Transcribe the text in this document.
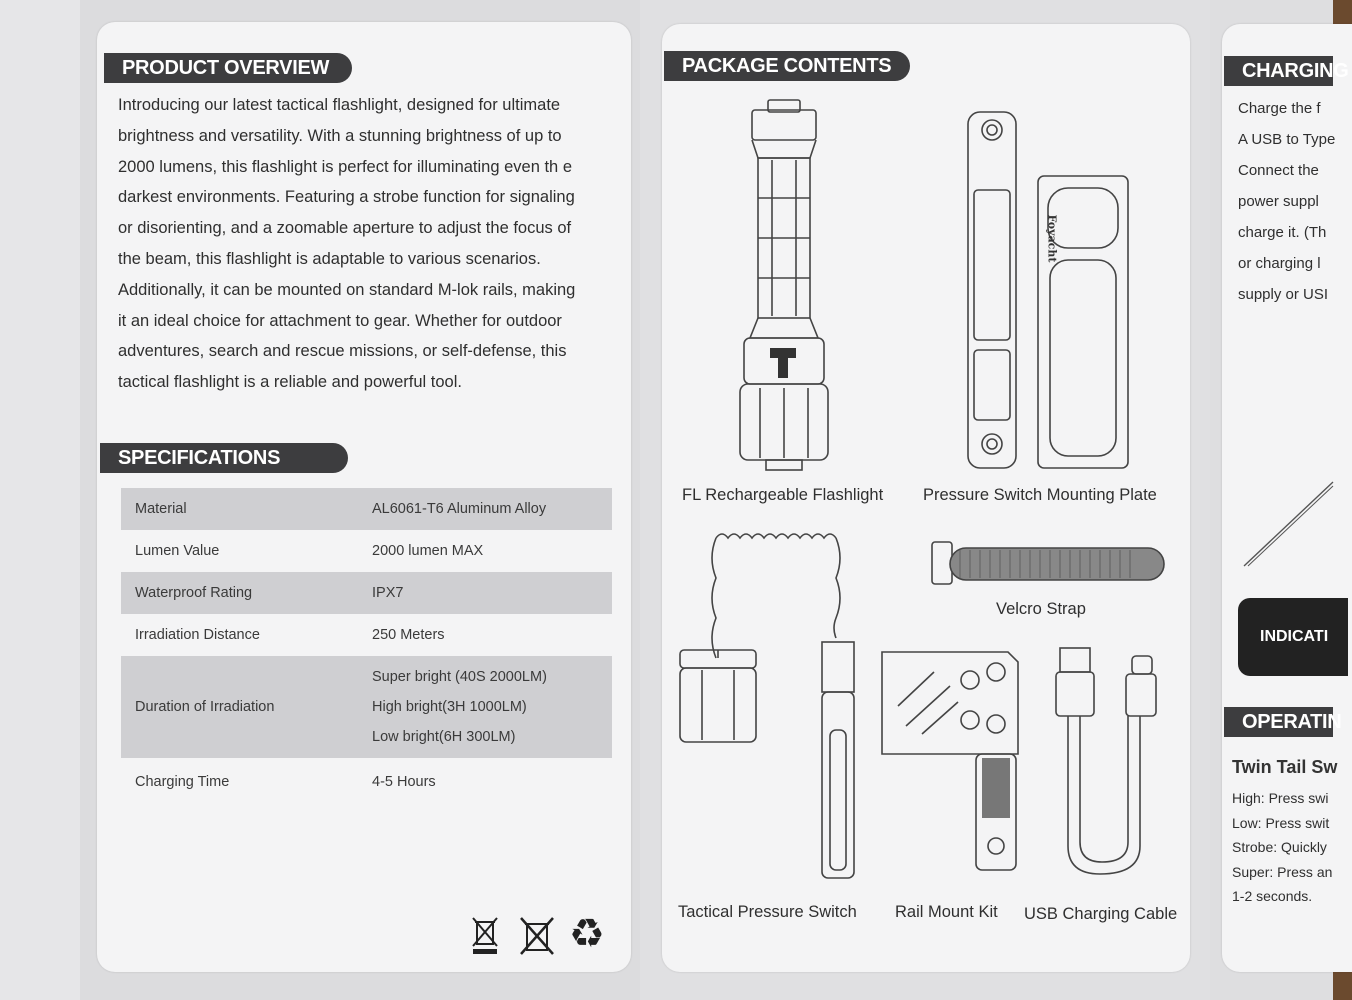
PRODUCT OVERVIEW
Introducing our latest tactical flashlight, designed for ultimate
brightness and versatility. With a stunning brightness of up to
2000 lumens, this flashlight is perfect for illuminating even th e
darkest environments. Featuring a strobe function for signaling
or disorienting, and a zoomable aperture to adjust the focus of
the beam, this flashlight is adaptable to various scenarios.
Additionally, it can be mounted on standard M-lok rails, making
it an ideal choice for attachment to gear. Whether for outdoor
adventures, search and rescue missions, or self-defense, this
tactical flashlight is a reliable and powerful tool.
SPECIFICATIONS
Material	AL6061-T6 Aluminum Alloy
Lumen Value	2000 lumen MAX
Waterproof Rating	IPX7
Irradiation Distance	250 Meters
Duration of Irradiation	Super bright (40S 2000LM)
High bright(3H 1000LM)
Low bright(6H 300LM)

Charging Time	4-5 Hours
♻
PACKAGE CONTENTS
Foyacht
FL Rechargeable Flashlight Pressure Switch Mounting Plate
Velcro Strap
Tactical Pressure Switch Rail Mount Kit USB Charging Cable
CHARGING
Charge the f
A USB to Type
Connect the
power suppl
charge it. (Th
or charging l
supply or USI
INDICATI
OPERATIN
Twin Tail Sw
High: Press swi
Low: Press swit
Strobe: Quickly
Super: Press an
1-2 seconds.
